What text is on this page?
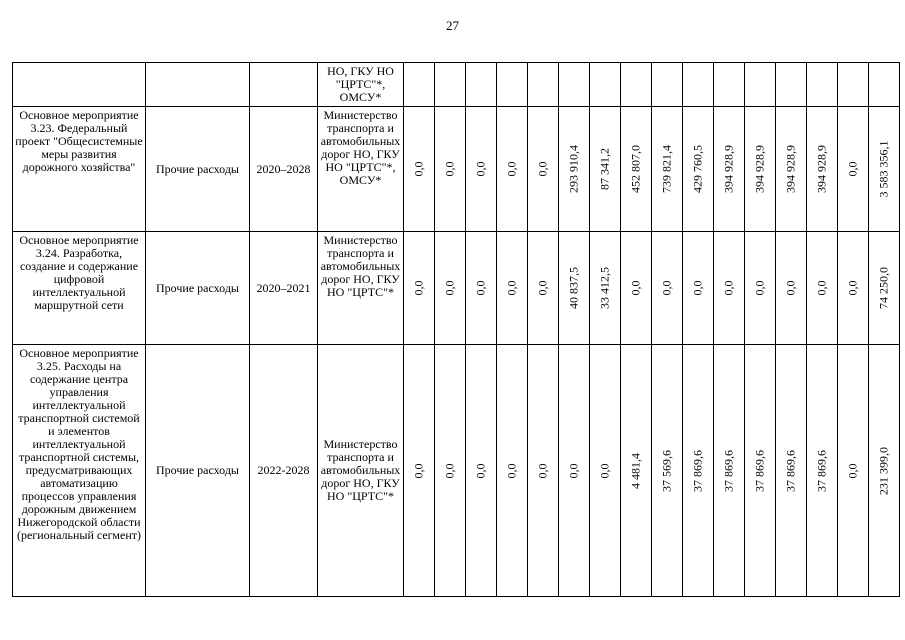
27
			НО, ГКУ НО "ЦРТС"*, ОМСУ*	

Основное мероприятие 3.23. Федеральный проект "Общесистемные меры развития дорожного хозяйства"	Прочие расходы	2020–2028	Министерство транспорта и автомобильных дорог НО, ГКУ НО "ЦРТС"*, ОМСУ*	0,0	0,0	0,0	0,0	0,0	293 910,4	87 341,2	452 807,0	739 821,4	429 760,5	394 928,9	394 928,9	394 928,9	394 928,9	0,0	3 583 356,1

Основное мероприятие 3.24. Разработка, создание и содержание цифровой интеллектуальной маршрутной сети	Прочие расходы	2020–2021	Министерство транспорта и автомобильных дорог НО, ГКУ НО "ЦРТС"*	0,0	0,0	0,0	0,0	0,0	40 837,5	33 412,5	0,0	0,0	0,0	0,0	0,0	0,0	0,0	0,0	74 250,0

Основное мероприятие 3.25. Расходы на содержание центра управления интеллектуальной транспортной системой и элементов интеллектуальной транспортной системы, предусматривающих автоматизацию процессов управления дорожным движением Нижегородской области (региональный сегмент)	Прочие расходы	2022-2028	Министерство транспорта и автомобильных дорог НО, ГКУ НО "ЦРТС"*	0,0	0,0	0,0	0,0	0,0	0,0	0,0	4 481,4	37 569,6	37 869,6	37 869,6	37 869,6	37 869,6	37 869,6	0,0	231 399,0
